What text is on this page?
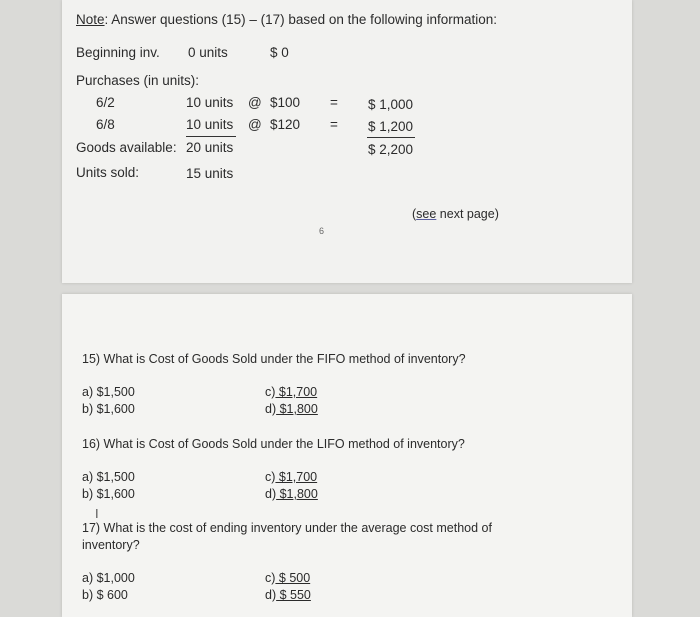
Note: Answer questions (15) – (17) based on the following information:
Beginning inv. 0 units	$ 0
Purchases (in units):
6/2	10 units @ $100 = $ 1,000
6/8	10 units @ $120 = $ 1,200
Goods available: 20 units	$ 2,200
Units sold:	15 units
(see next page)
6
15) What is Cost of Goods Sold under the FIFO method of inventory?
a) $1,500
b) $1,600
c) $1,700
d) $1,800
16) What is Cost of Goods Sold under the LIFO method of inventory?
a) $1,500
b) $1,600
c) $1,700
d) $1,800
I
17) What is the cost of ending inventory under the average cost method of
inventory?
a) $1,000
b) $ 600
c) $ 500
d) $ 550
